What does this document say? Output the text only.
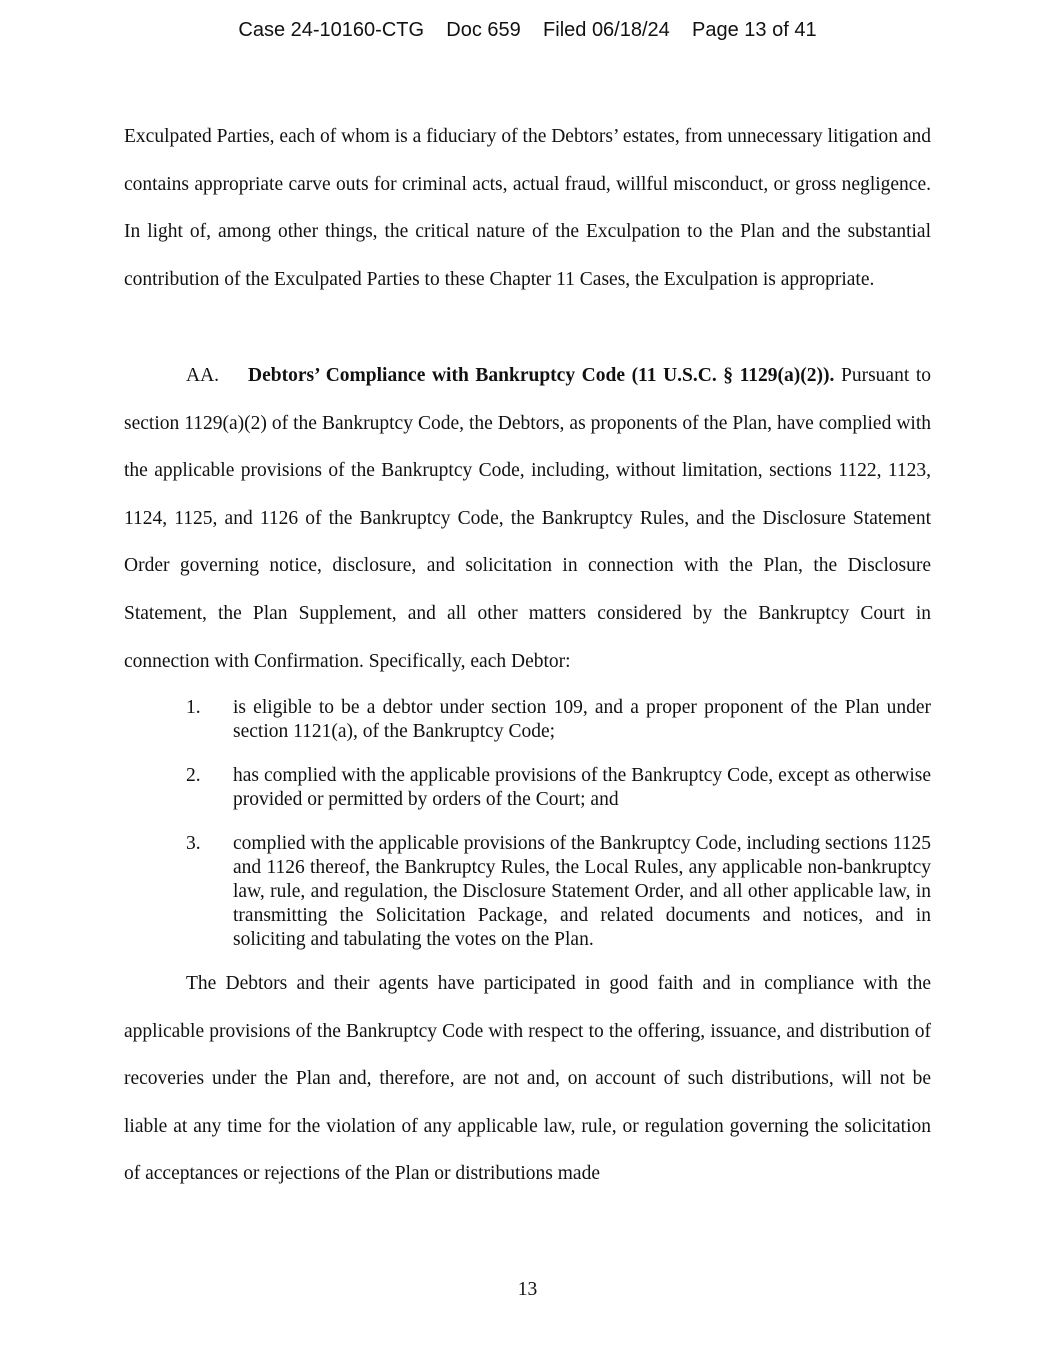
Case 24-10160-CTG Doc 659 Filed 06/18/24 Page 13 of 41
Exculpated Parties, each of whom is a fiduciary of the Debtors’ estates, from unnecessary litigation and contains appropriate carve outs for criminal acts, actual fraud, willful misconduct, or gross negligence. In light of, among other things, the critical nature of the Exculpation to the Plan and the substantial contribution of the Exculpated Parties to these Chapter 11 Cases, the Exculpation is appropriate.
AA. Debtors’ Compliance with Bankruptcy Code (11 U.S.C. § 1129(a)(2)). Pursuant to section 1129(a)(2) of the Bankruptcy Code, the Debtors, as proponents of the Plan, have complied with the applicable provisions of the Bankruptcy Code, including, without limitation, sections 1122, 1123, 1124, 1125, and 1126 of the Bankruptcy Code, the Bankruptcy Rules, and the Disclosure Statement Order governing notice, disclosure, and solicitation in connection with the Plan, the Disclosure Statement, the Plan Supplement, and all other matters considered by the Bankruptcy Court in connection with Confirmation. Specifically, each Debtor:
1.	is eligible to be a debtor under section 109, and a proper proponent of the Plan under section 1121(a), of the Bankruptcy Code;
2.	has complied with the applicable provisions of the Bankruptcy Code, except as otherwise provided or permitted by orders of the Court; and
3.	complied with the applicable provisions of the Bankruptcy Code, including sections 1125 and 1126 thereof, the Bankruptcy Rules, the Local Rules, any applicable non-bankruptcy law, rule, and regulation, the Disclosure Statement Order, and all other applicable law, in transmitting the Solicitation Package, and related documents and notices, and in soliciting and tabulating the votes on the Plan.
The Debtors and their agents have participated in good faith and in compliance with the applicable provisions of the Bankruptcy Code with respect to the offering, issuance, and distribution of recoveries under the Plan and, therefore, are not and, on account of such distributions, will not be liable at any time for the violation of any applicable law, rule, or regulation governing the solicitation of acceptances or rejections of the Plan or distributions made
13
